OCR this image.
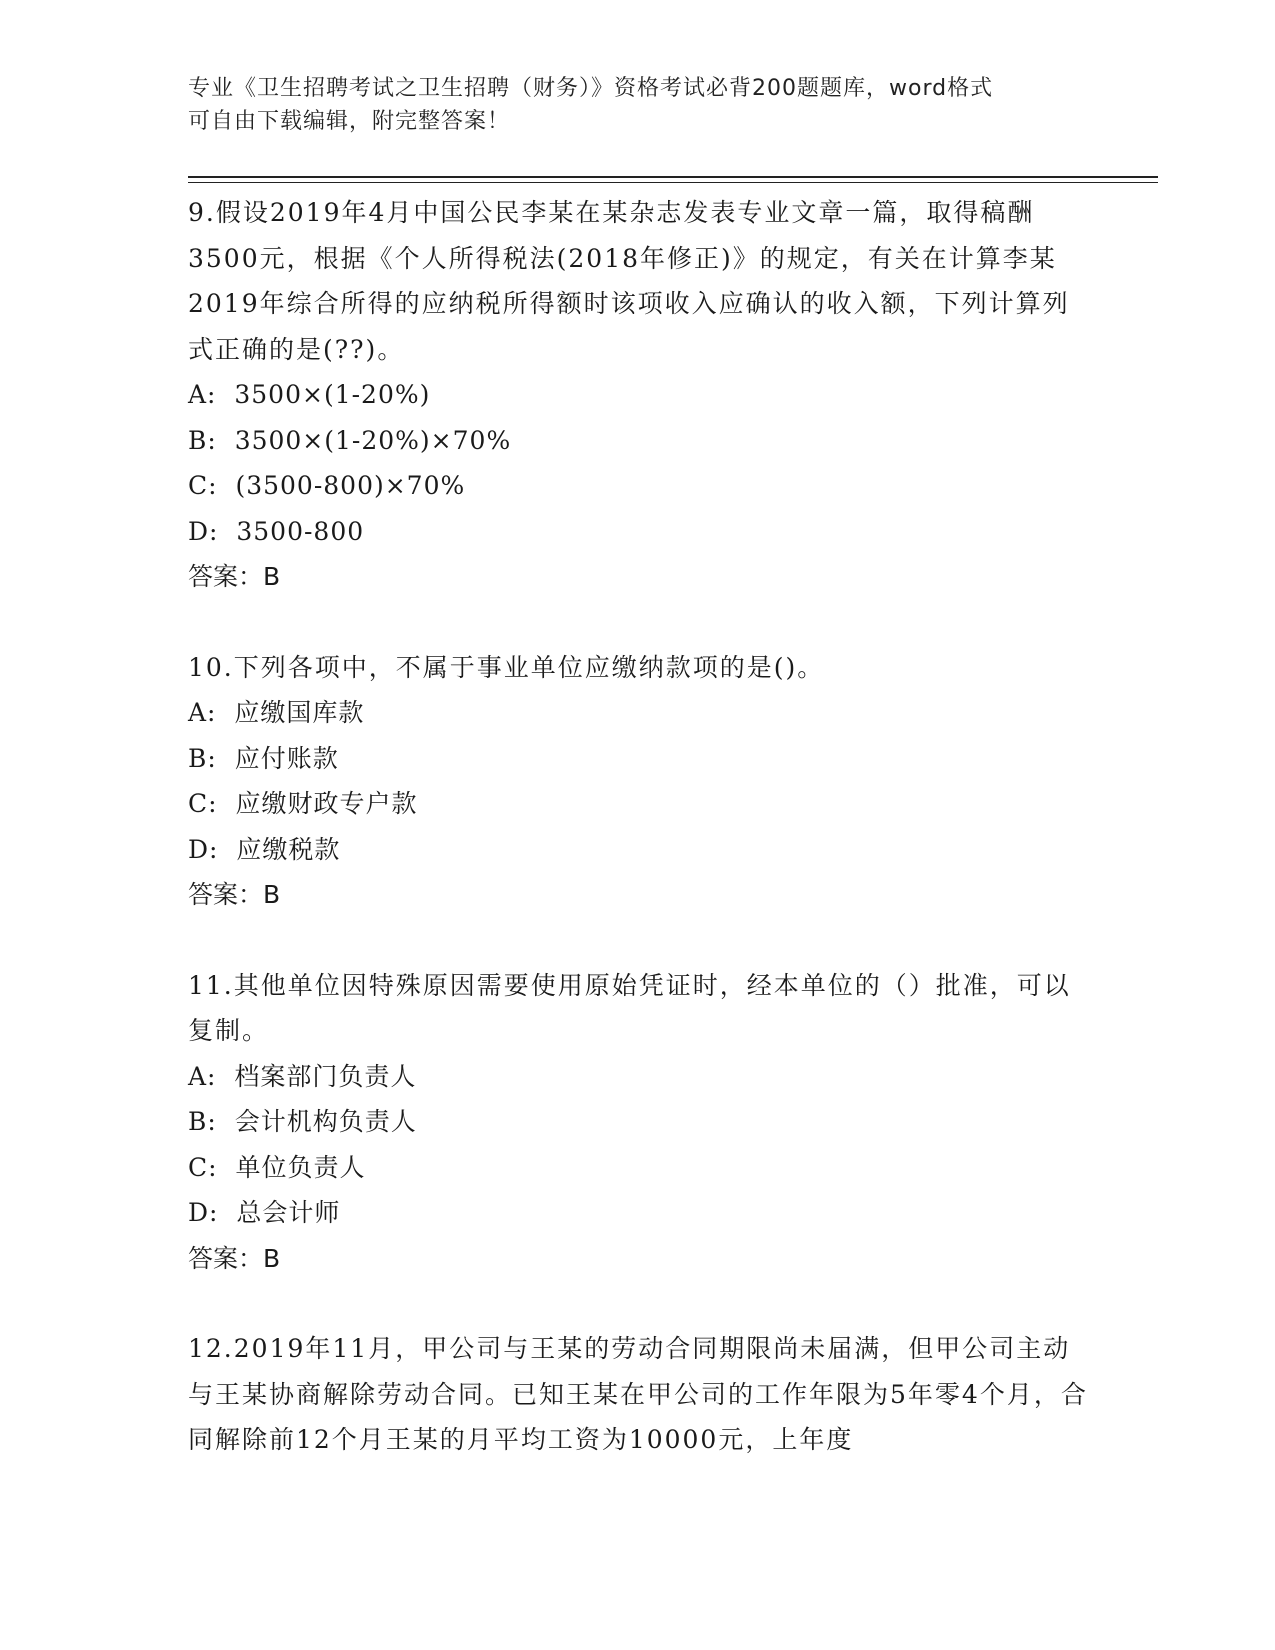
专业《卫生招聘考试之卫生招聘（财务）》资格考试必背200题题库，word格式
可自由下载编辑，附完整答案！

9.假设2019年4月中国公民李某在某杂志发表专业文章一篇，取得稿酬3500元，根据《个人所得税法(2018年修正)》的规定，有关在计算李某2019年综合所得的应纳税所得额时该项收入应确认的收入额，下列计算列式正确的是(??)。

A:  3500×(1-20%)

B:  3500×(1-20%)×70%

C:  (3500-800)×70%

D:  3500-800

答案：B

10.下列各项中，不属于事业单位应缴纳款项的是()。

A:  应缴国库款

B:  应付账款

C:  应缴财政专户款

D:  应缴税款

答案：B

11.其他单位因特殊原因需要使用原始凭证时，经本单位的（）批准，可以复制。

A:  档案部门负责人

B:  会计机构负责人

C:  单位负责人

D:  总会计师

答案：B

12.2019年11月，甲公司与王某的劳动合同期限尚未届满，但甲公司主动与王某协商解除劳动合同。已知王某在甲公司的工作年限为5年零4个月，合同解除前12个月王某的月平均工资为10000元，上年度
